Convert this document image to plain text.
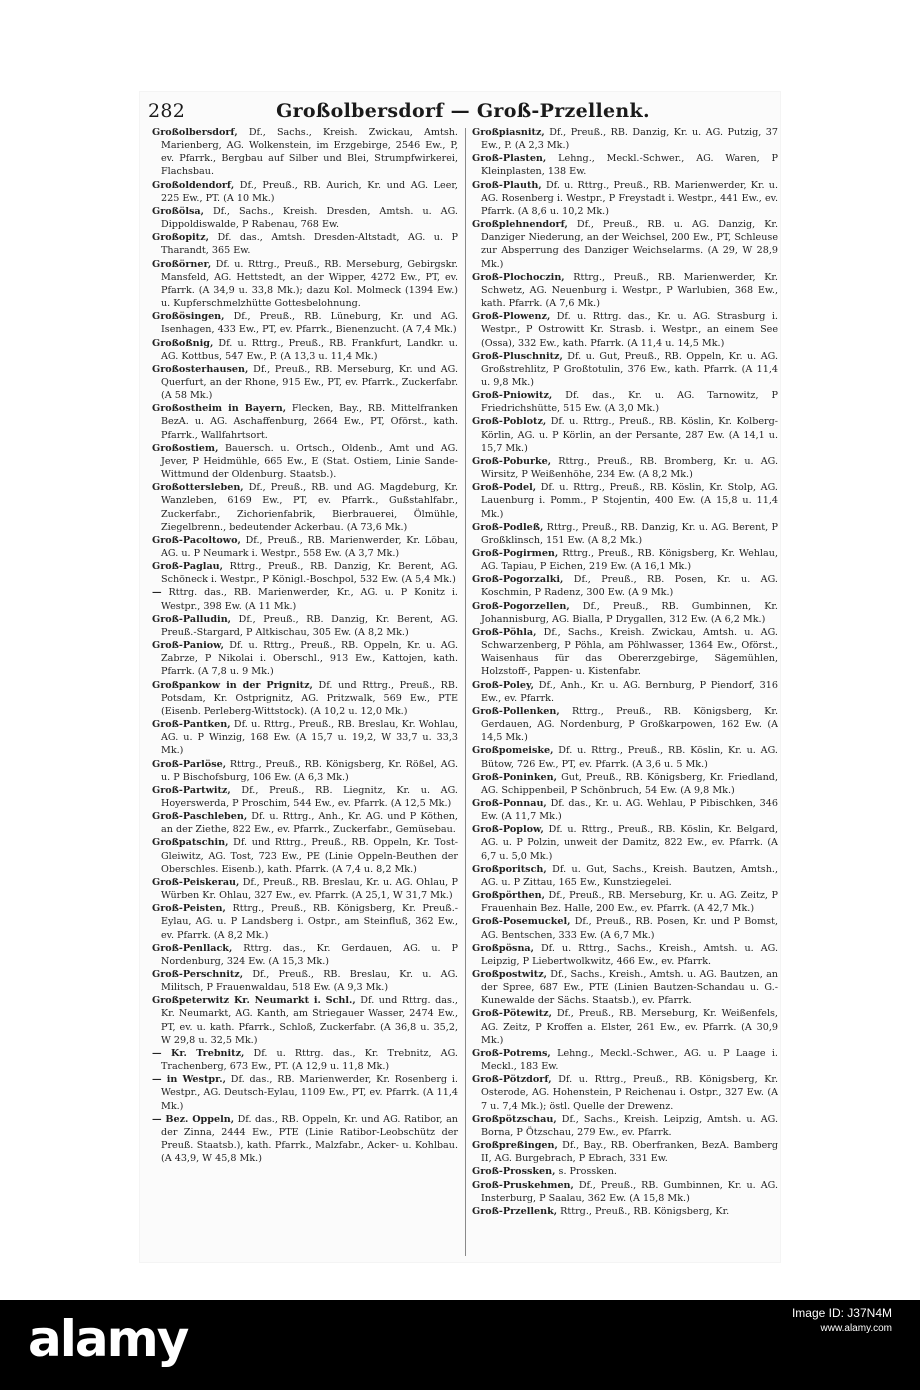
282	Großolbersdorf — Groß-Przellenk.

Großolbersdorf, Df., Sachs., Kreish. Zwickau, Amtsh. Marienberg, AG. Wolkenstein, im Erzgebirge, 2546 Ew., P, ev. Pfarrk., Bergbau auf Silber und Blei, Strumpfwirkerei, Flachsbau.

Großoldendorf, Df., Preuß., RB. Aurich, Kr. und AG. Leer, 225 Ew., PT. (A 10 Mk.)

Großölsa, Df., Sachs., Kreish. Dresden, Amtsh. u. AG. Dippoldiswalde, P Rabenau, 768 Ew.

Großopitz, Df. das., Amtsh. Dresden-Altstadt, AG. u. P Tharandt, 365 Ew.

Großörner, Df. u. Rttrg., Preuß., RB. Merseburg, Gebirgskr. Mansfeld, AG. Hettstedt, an der Wipper, 4272 Ew., PT, ev. Pfarrk. (A 34,9 u. 33,8 Mk.); dazu Kol. Molmeck (1394 Ew.) u. Kupferschmelzhütte Gottesbelohnung.

Großösingen, Df., Preuß., RB. Lüneburg, Kr. und AG. Isenhagen, 433 Ew., PT, ev. Pfarrk., Bienenzucht. (A 7,4 Mk.)

Großoßnig, Df. u. Rttrg., Preuß., RB. Frankfurt, Landkr. u. AG. Kottbus, 547 Ew., P. (A 13,3 u. 11,4 Mk.)

Großosterhausen, Df., Preuß., RB. Merseburg, Kr. und AG. Querfurt, an der Rhone, 915 Ew., PT, ev. Pfarrk., Zuckerfabr. (A 58 Mk.)

Großostheim in Bayern, Flecken, Bay., RB. Mittelfranken BezA. u. AG. Aschaffenburg, 2664 Ew., PT, Oförst., kath. Pfarrk., Wallfahrtsort.

Großostiem, Bauersch. u. Ortsch., Oldenb., Amt und AG. Jever, P Heidmühle, 665 Ew., E (Stat. Ostiem, Linie Sande-Wittmund der Oldenburg. Staatsb.).

Großottersleben, Df., Preuß., RB. und AG. Magdeburg, Kr. Wanzleben, 6169 Ew., PT, ev. Pfarrk., Gußstahlfabr., Zuckerfabr., Zichorienfabrik, Bierbrauerei, Ölmühle, Ziegelbrenn., bedeutender Ackerbau. (A 73,6 Mk.)

Groß-Pacoltowo, Df., Preuß., RB. Marienwerder, Kr. Löbau, AG. u. P Neumark i. Westpr., 558 Ew. (A 3,7 Mk.)

Groß-Paglau, Rttrg., Preuß., RB. Danzig, Kr. Berent, AG. Schöneck i. Westpr., P Königl.-Boschpol, 532 Ew. (A 5,4 Mk.)

— Rttrg. das., RB. Marienwerder, Kr., AG. u. P Konitz i. Westpr., 398 Ew. (A 11 Mk.)

Groß-Palludin, Df., Preuß., RB. Danzig, Kr. Berent, AG. Preuß.-Stargard, P Altkischau, 305 Ew. (A 8,2 Mk.)

Groß-Paniow, Df. u. Rttrg., Preuß., RB. Oppeln, Kr. u. AG. Zabrze, P Nikolai i. Oberschl., 913 Ew., Kattojen, kath. Pfarrk. (A 7,8 u. 9 Mk.)

Großpankow in der Prignitz, Df. und Rttrg., Preuß., RB. Potsdam, Kr. Ostprignitz, AG. Pritzwalk, 569 Ew., PTE (Eisenb. Perleberg-Wittstock). (A 10,2 u. 12,0 Mk.)

Groß-Pantken, Df. u. Rttrg., Preuß., RB. Breslau, Kr. Wohlau, AG. u. P Winzig, 168 Ew. (A 15,7 u. 19,2, W 33,7 u. 33,3 Mk.)

Groß-Parlöse, Rttrg., Preuß., RB. Königsberg, Kr. Rößel, AG. u. P Bischofsburg, 106 Ew. (A 6,3 Mk.)

Groß-Partwitz, Df., Preuß., RB. Liegnitz, Kr. u. AG. Hoyerswerda, P Proschim, 544 Ew., ev. Pfarrk. (A 12,5 Mk.)

Groß-Paschleben, Df. u. Rttrg., Anh., Kr. AG. und P Köthen, an der Ziethe, 822 Ew., ev. Pfarrk., Zuckerfabr., Gemüsebau.

Großpatschin, Df. und Rttrg., Preuß., RB. Oppeln, Kr. Tost-Gleiwitz, AG. Tost, 723 Ew., PE (Linie Oppeln-Beuthen der Oberschles. Eisenb.), kath. Pfarrk. (A 7,4 u. 8,2 Mk.)

Groß-Peiskerau, Df., Preuß., RB. Breslau, Kr. u. AG. Ohlau, P Würben Kr. Ohlau, 327 Ew., ev. Pfarrk. (A 25,1, W 31,7 Mk.)

Groß-Peisten, Rttrg., Preuß., RB. Königsberg, Kr. Preuß.-Eylau, AG. u. P Landsberg i. Ostpr., am Steinfluß, 362 Ew., ev. Pfarrk. (A 8,2 Mk.)

Groß-Penllack, Rttrg. das., Kr. Gerdauen, AG. u. P Nordenburg, 324 Ew. (A 15,3 Mk.)

Groß-Perschnitz, Df., Preuß., RB. Breslau, Kr. u. AG. Militsch, P Frauenwaldau, 518 Ew. (A 9,3 Mk.)

Großpeterwitz Kr. Neumarkt i. Schl., Df. und Rttrg. das., Kr. Neumarkt, AG. Kanth, am Striegauer Wasser, 2474 Ew., PT, ev. u. kath. Pfarrk., Schloß, Zuckerfabr. (A 36,8 u. 35,2, W 29,8 u. 32,5 Mk.)

— Kr. Trebnitz, Df. u. Rttrg. das., Kr. Trebnitz, AG. Trachenberg, 673 Ew., PT. (A 12,9 u. 11,8 Mk.)

— in Westpr., Df. das., RB. Marienwerder, Kr. Rosenberg i. Westpr., AG. Deutsch-Eylau, 1109 Ew., PT, ev. Pfarrk. (A 11,4 Mk.)

— Bez. Oppeln, Df. das., RB. Oppeln, Kr. und AG. Ratibor, an der Zinna, 2444 Ew., PTE (Linie Ratibor-Leobschütz der Preuß. Staatsb.), kath. Pfarrk., Malzfabr., Acker- u. Kohlbau. (A 43,9, W 45,8 Mk.)

Großpiasnitz, Df., Preuß., RB. Danzig, Kr. u. AG. Putzig, 37 Ew., P. (A 2,3 Mk.)

Groß-Plasten, Lehng., Meckl.-Schwer., AG. Waren, P Kleinplasten, 138 Ew.

Groß-Plauth, Df. u. Rttrg., Preuß., RB. Marienwerder, Kr. u. AG. Rosenberg i. Westpr., P Freystadt i. Westpr., 441 Ew., ev. Pfarrk. (A 8,6 u. 10,2 Mk.)

Großplehnendorf, Df., Preuß., RB. u. AG. Danzig, Kr. Danziger Niederung, an der Weichsel, 200 Ew., PT, Schleuse zur Absperrung des Danziger Weichselarms. (A 29, W 28,9 Mk.)

Groß-Plochoczin, Rttrg., Preuß., RB. Marienwerder, Kr. Schwetz, AG. Neuenburg i. Westpr., P Warlubien, 368 Ew., kath. Pfarrk. (A 7,6 Mk.)

Groß-Plowenz, Df. u. Rttrg. das., Kr. u. AG. Strasburg i. Westpr., P Ostrowitt Kr. Strasb. i. Westpr., an einem See (Ossa), 332 Ew., kath. Pfarrk. (A 11,4 u. 14,5 Mk.)

Groß-Pluschnitz, Df. u. Gut, Preuß., RB. Oppeln, Kr. u. AG. Großstrehlitz, P Großtotulin, 376 Ew., kath. Pfarrk. (A 11,4 u. 9,8 Mk.)

Groß-Pniowitz, Df. das., Kr. u. AG. Tarnowitz, P Friedrichshütte, 515 Ew. (A 3,0 Mk.)

Groß-Poblotz, Df. u. Rttrg., Preuß., RB. Köslin, Kr. Kolberg-Körlin, AG. u. P Körlin, an der Persante, 287 Ew. (A 14,1 u. 15,7 Mk.)

Groß-Poburke, Rttrg., Preuß., RB. Bromberg, Kr. u. AG. Wirsitz, P Weißenhöhe, 234 Ew. (A 8,2 Mk.)

Groß-Podel, Df. u. Rttrg., Preuß., RB. Köslin, Kr. Stolp, AG. Lauenburg i. Pomm., P Stojentin, 400 Ew. (A 15,8 u. 11,4 Mk.)

Groß-Podleß, Rttrg., Preuß., RB. Danzig, Kr. u. AG. Berent, P Großklinsch, 151 Ew. (A 8,2 Mk.)

Groß-Pogirmen, Rttrg., Preuß., RB. Königsberg, Kr. Wehlau, AG. Tapiau, P Eichen, 219 Ew. (A 16,1 Mk.)

Groß-Pogorzalki, Df., Preuß., RB. Posen, Kr. u. AG. Koschmin, P Radenz, 300 Ew. (A 9 Mk.)

Groß-Pogorzellen, Df., Preuß., RB. Gumbinnen, Kr. Johannisburg, AG. Bialla, P Drygallen, 312 Ew. (A 6,2 Mk.)

Groß-Pöhla, Df., Sachs., Kreish. Zwickau, Amtsh. u. AG. Schwarzenberg, P Pöhla, am Pöhlwasser, 1364 Ew., Oförst., Waisenhaus für das Obererzgebirge, Sägemühlen, Holzstoff-, Pappen- u. Kistenfabr.

Groß-Poley, Df., Anh., Kr. u. AG. Bernburg, P Piendorf, 316 Ew., ev. Pfarrk.

Groß-Pollenken, Rttrg., Preuß., RB. Königsberg, Kr. Gerdauen, AG. Nordenburg, P Großkarpowen, 162 Ew. (A 14,5 Mk.)

Großpomeiske, Df. u. Rttrg., Preuß., RB. Köslin, Kr. u. AG. Bütow, 726 Ew., PT, ev. Pfarrk. (A 3,6 u. 5 Mk.)

Groß-Poninken, Gut, Preuß., RB. Königsberg, Kr. Friedland, AG. Schippenbeil, P Schönbruch, 54 Ew. (A 9,8 Mk.)

Groß-Ponnau, Df. das., Kr. u. AG. Wehlau, P Pibischken, 346 Ew. (A 11,7 Mk.)

Groß-Poplow, Df. u. Rttrg., Preuß., RB. Köslin, Kr. Belgard, AG. u. P Polzin, unweit der Damitz, 822 Ew., ev. Pfarrk. (A 6,7 u. 5,0 Mk.)

Großporitsch, Df. u. Gut, Sachs., Kreish. Bautzen, Amtsh., AG. u. P Zittau, 165 Ew., Kunstziegelei.

Großpörthen, Df., Preuß., RB. Merseburg, Kr. u. AG. Zeitz, P Frauenhain Bez. Halle, 200 Ew., ev. Pfarrk. (A 42,7 Mk.)

Groß-Posemuckel, Df., Preuß., RB. Posen, Kr. und P Bomst, AG. Bentschen, 333 Ew. (A 6,7 Mk.)

Großpösna, Df. u. Rttrg., Sachs., Kreish., Amtsh. u. AG. Leipzig, P Liebertwolkwitz, 466 Ew., ev. Pfarrk.

Großpostwitz, Df., Sachs., Kreish., Amtsh. u. AG. Bautzen, an der Spree, 687 Ew., PTE (Linien Bautzen-Schandau u. G.-Kunewalde der Sächs. Staatsb.), ev. Pfarrk.

Groß-Pötewitz, Df., Preuß., RB. Merseburg, Kr. Weißenfels, AG. Zeitz, P Kroffen a. Elster, 261 Ew., ev. Pfarrk. (A 30,9 Mk.)

Groß-Potrems, Lehng., Meckl.-Schwer., AG. u. P Laage i. Meckl., 183 Ew.

Groß-Pötzdorf, Df. u. Rttrg., Preuß., RB. Königsberg, Kr. Osterode, AG. Hohenstein, P Reichenau i. Ostpr., 327 Ew. (A 7 u. 7,4 Mk.); östl. Quelle der Drewenz.

Großpötzschau, Df., Sachs., Kreish. Leipzig, Amtsh. u. AG. Borna, P Ötzschau, 279 Ew., ev. Pfarrk.

Großpreßingen, Df., Bay., RB. Oberfranken, BezA. Bamberg II, AG. Burgebrach, P Ebrach, 331 Ew.

Groß-Prossken, s. Prossken.

Groß-Pruskehmen, Df., Preuß., RB. Gumbinnen, Kr. u. AG. Insterburg, P Saalau, 362 Ew. (A 15,8 Mk.)

Groß-Przellenk, Rttrg., Preuß., RB. Königsberg, Kr.

alamy	Image ID: J37N4M
www.alamy.com
